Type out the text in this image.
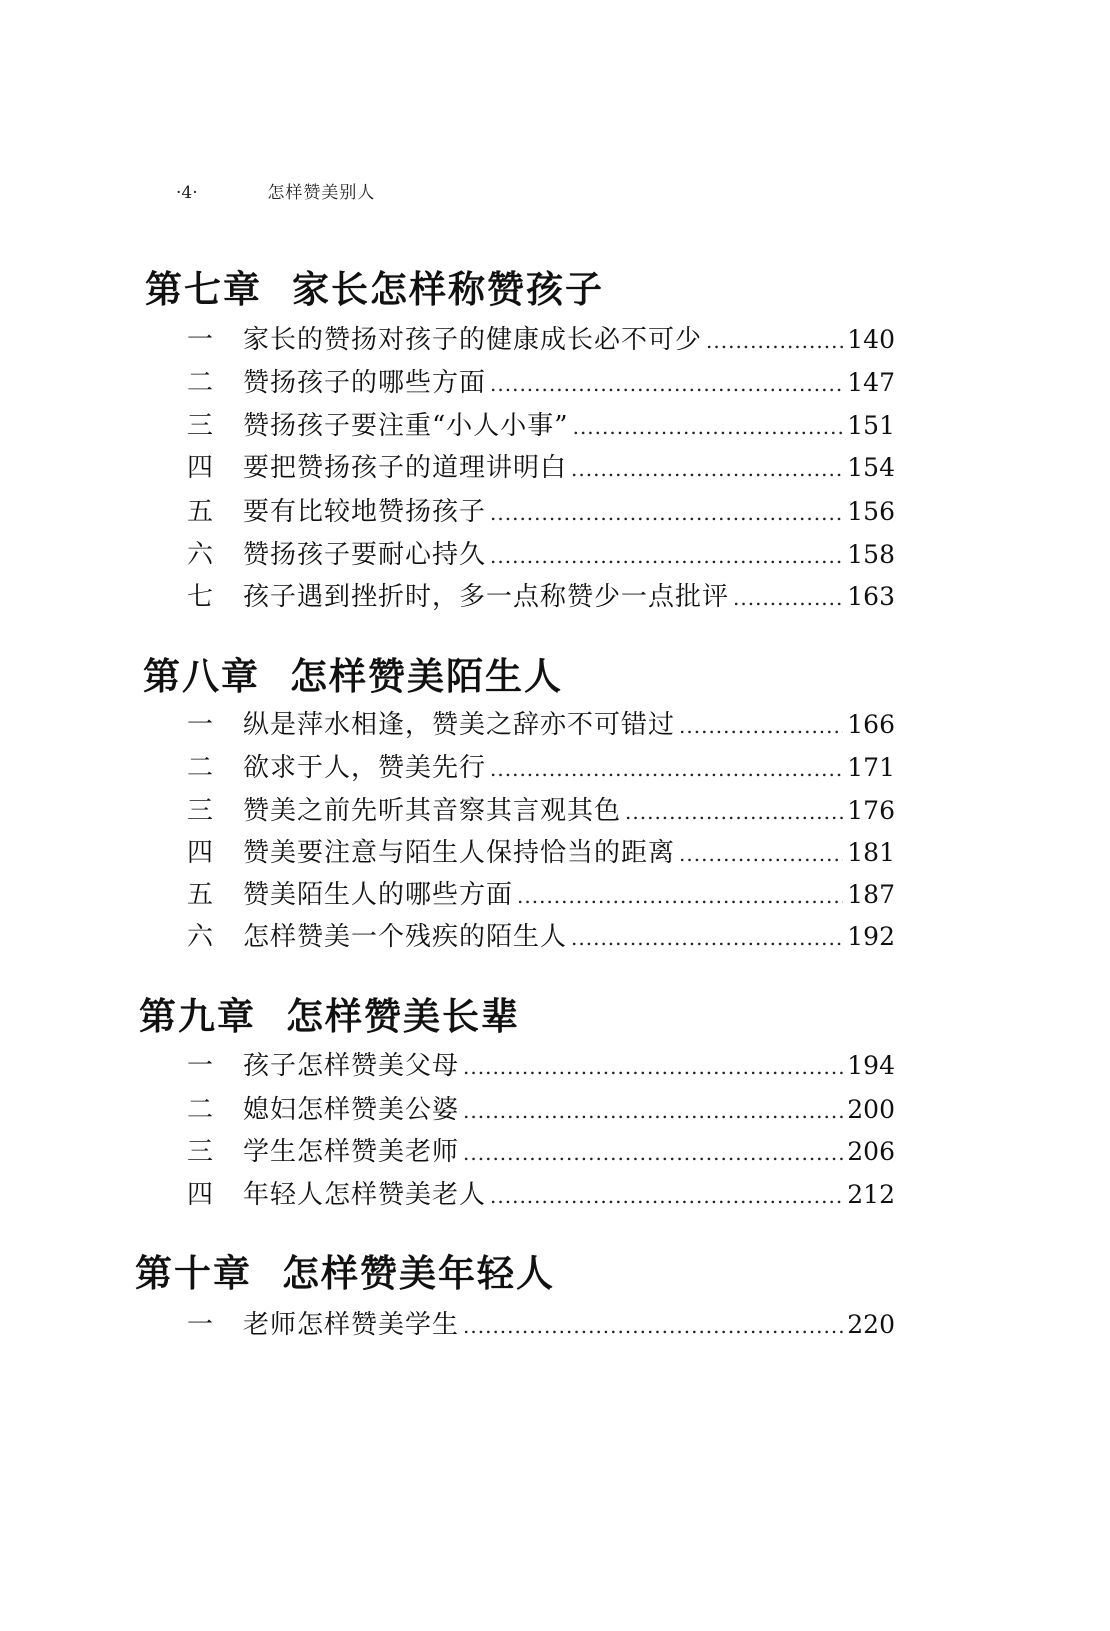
·4·	怎样赞美别人
第七章 家长怎样称赞孩子
一	家长的赞扬对孩子的健康成长必不可少 .....	140
二	赞扬孩子的哪些方面 .....	147
三	赞扬孩子要注重“小人小事” .....	151
四	要把赞扬孩子的道理讲明白 .....	154
五	要有比较地赞扬孩子 .....	156
六	赞扬孩子要耐心持久 .....	158
七	孩子遇到挫折时，多一点称赞少一点批评 .....	163
第八章 怎样赞美陌生人
一	纵是萍水相逢，赞美之辞亦不可错过 .....	166
二	欲求于人，赞美先行 .....	171
三	赞美之前先听其音察其言观其色 .....	176
四	赞美要注意与陌生人保持恰当的距离 .....	181
五	赞美陌生人的哪些方面 .....	187
六	怎样赞美一个残疾的陌生人 .....	192
第九章 怎样赞美长辈
一	孩子怎样赞美父母 .....	194
二	媳妇怎样赞美公婆 .....	200
三	学生怎样赞美老师 .....	206
四	年轻人怎样赞美老人 .....	212
第十章 怎样赞美年轻人
一	老师怎样赞美学生 .....	220
